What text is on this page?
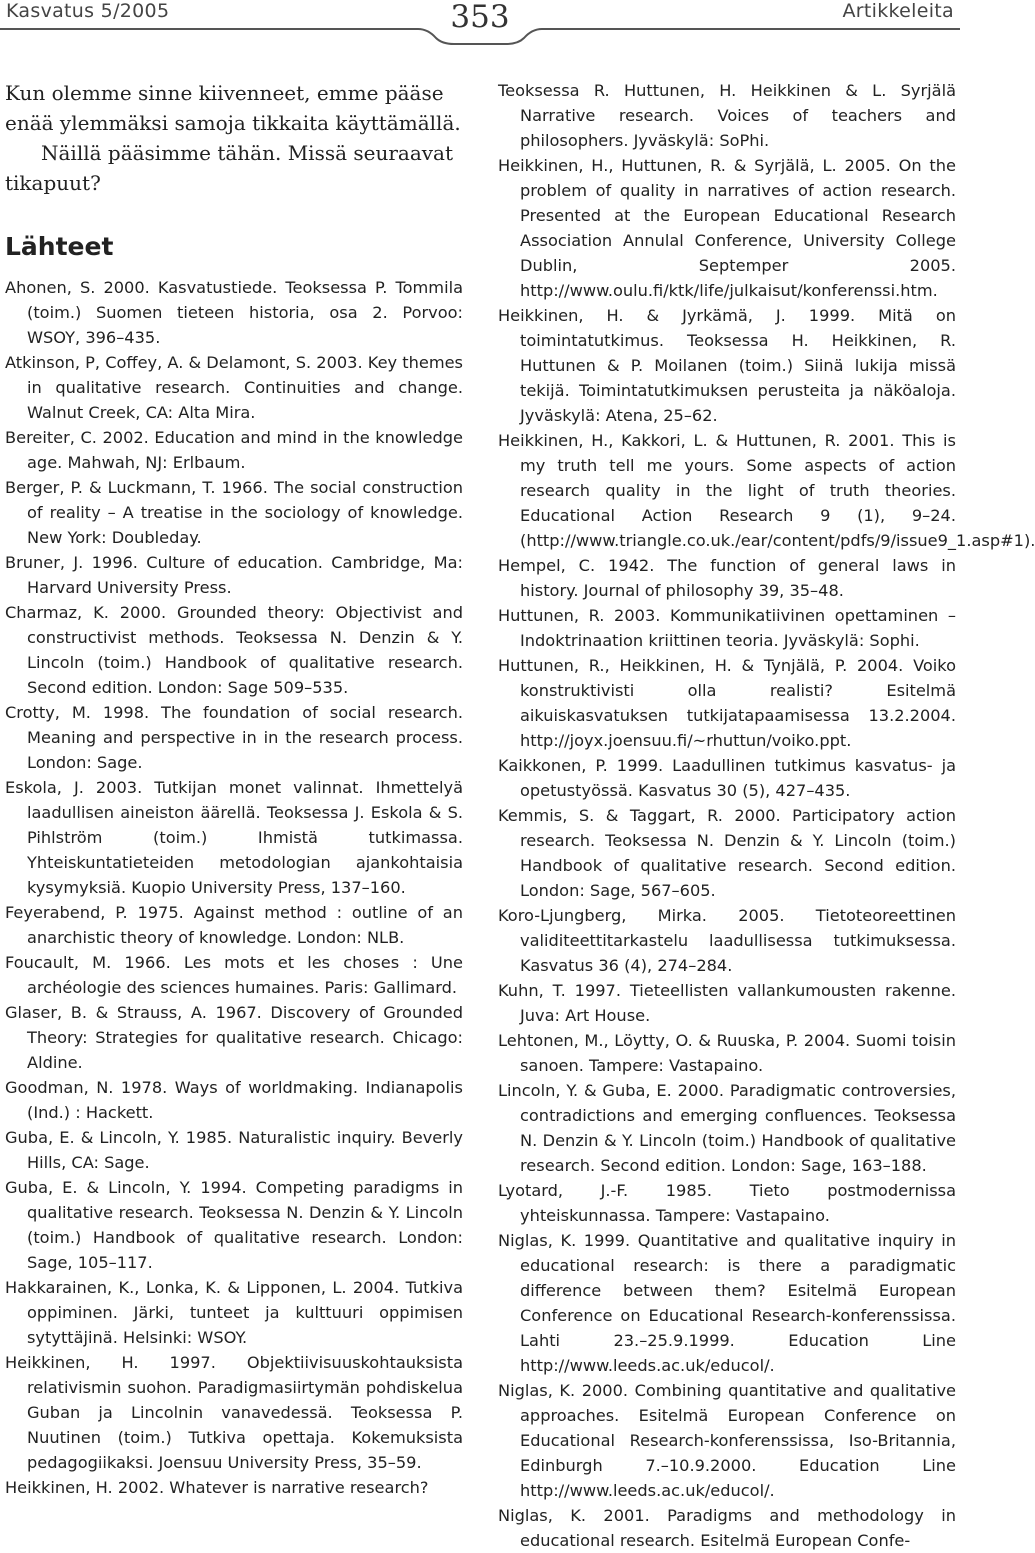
Kasvatus 5/2005	353	Artikkeleita
Kun olemme sinne kiivenneet, emme pääse
enää ylemmäksi samoja tikkaita käyttämällä.
Näillä pääsimme tähän. Missä seuraavat
tikapuut?
Lähteet
Ahonen, S. 2000. Kasvatustiede. Teoksessa P. Tommila (toim.) Suomen tieteen historia, osa 2. Porvoo: WSOY, 396–435.
Atkinson, P, Coffey, A. & Delamont, S. 2003. Key themes in qualitative research. Continuities and change. Walnut Creek, CA: Alta Mira.
Bereiter, C. 2002. Education and mind in the knowledge age. Mahwah, NJ: Erlbaum.
Berger, P. & Luckmann, T. 1966. The social construction of reality – A treatise in the sociology of knowledge. New York: Doubleday.
Bruner, J. 1996. Culture of education. Cambridge, Ma: Harvard University Press.
Charmaz, K. 2000. Grounded theory: Objectivist and constructivist methods. Teoksessa N. Denzin & Y. Lincoln (toim.) Handbook of qualitative research. Second edition. London: Sage 509–535.
Crotty, M. 1998. The foundation of social research. Meaning and perspective in in the research process. London: Sage.
Eskola, J. 2003. Tutkijan monet valinnat. Ihmettelyä laadullisen aineiston äärellä. Teoksessa J. Eskola & S. Pihlström (toim.) Ihmistä tutkimassa. Yhteiskuntatieteiden metodologian ajankohtaisia kysymyksiä. Kuopio University Press, 137–160.
Feyerabend, P. 1975. Against method : outline of an anarchistic theory of knowledge. London: NLB.
Foucault, M. 1966. Les mots et les choses : Une archéologie des sciences humaines. Paris: Gallimard.
Glaser, B. & Strauss, A. 1967. Discovery of Grounded Theory: Strategies for qualitative research. Chicago: Aldine.
Goodman, N. 1978. Ways of worldmaking. Indianapolis (Ind.) : Hackett.
Guba, E. & Lincoln, Y. 1985. Naturalistic inquiry. Beverly Hills, CA: Sage.
Guba, E. & Lincoln, Y. 1994. Competing paradigms in qualitative research. Teoksessa N. Denzin & Y. Lincoln (toim.) Handbook of qualitative research. London: Sage, 105–117.
Hakkarainen, K., Lonka, K. & Lipponen, L. 2004. Tutkiva oppiminen. Järki, tunteet ja kulttuuri oppimisen sytyttäjinä. Helsinki: WSOY.
Heikkinen, H. 1997. Objektiivisuuskohtauksista relativismin suohon. Paradigmasiirtymän pohdiskelua Guban ja Lincolnin vanavedessä. Teoksessa P. Nuutinen (toim.) Tutkiva opettaja. Kokemuksista pedagogiikaksi. Joensuu University Press, 35–59.
Heikkinen, H. 2002. Whatever is narrative research?
Teoksessa R. Huttunen, H. Heikkinen & L. Syrjälä Narrative research. Voices of teachers and philosophers. Jyväskylä: SoPhi.
Heikkinen, H., Huttunen, R. & Syrjälä, L. 2005. On the problem of quality in narratives of action research. Presented at the European Educational Research Association Annulal Conference, University College Dublin, Septemper 2005. http://www.oulu.fi/ktk/life/julkaisut/konferenssi.htm.
Heikkinen, H. & Jyrkämä, J. 1999. Mitä on toimintatutkimus. Teoksessa H. Heikkinen, R. Huttunen & P. Moilanen (toim.) Siinä lukija missä tekijä. Toimintatutkimuksen perusteita ja näköaloja. Jyväskylä: Atena, 25–62.
Heikkinen, H., Kakkori, L. & Huttunen, R. 2001. This is my truth tell me yours. Some aspects of action research quality in the light of truth theories. Educational Action Research 9 (1), 9–24. (http://www.triangle.co.uk./ear/content/pdfs/9/issue9_1.asp#1).
Hempel, C. 1942. The function of general laws in history. Journal of philosophy 39, 35–48.
Huttunen, R. 2003. Kommunikatiivinen opettaminen – Indoktrinaation kriittinen teoria. Jyväskylä: Sophi.
Huttunen, R., Heikkinen, H. & Tynjälä, P. 2004. Voiko konstruktivisti olla realisti? Esitelmä aikuiskasvatuksen tutkijatapaamisessa 13.2.2004. http://joyx.joensuu.fi/~rhuttun/voiko.ppt.
Kaikkonen, P. 1999. Laadullinen tutkimus kasvatus- ja opetustyössä. Kasvatus 30 (5), 427–435.
Kemmis, S. & Taggart, R. 2000. Participatory action research. Teoksessa N. Denzin & Y. Lincoln (toim.) Handbook of qualitative research. Second edition. London: Sage, 567–605.
Koro-Ljungberg, Mirka. 2005. Tietoteoreettinen validiteettitarkastelu laadullisessa tutkimuksessa. Kasvatus 36 (4), 274–284.
Kuhn, T. 1997. Tieteellisten vallankumousten rakenne. Juva: Art House.
Lehtonen, M., Löytty, O. & Ruuska, P. 2004. Suomi toisin sanoen. Tampere: Vastapaino.
Lincoln, Y. & Guba, E. 2000. Paradigmatic controversies, contradictions and emerging confluences. Teoksessa N. Denzin & Y. Lincoln (toim.) Handbook of qualitative research. Second edition. London: Sage, 163–188.
Lyotard, J.-F. 1985. Tieto postmodernissa yhteiskunnassa. Tampere: Vastapaino.
Niglas, K. 1999. Quantitative and qualitative inquiry in educational research: is there a paradigmatic difference between them? Esitelmä European Conference on Educational Research-konferenssissa. Lahti 23.–25.9.1999. Education Line http://www.leeds.ac.uk/educol/.
Niglas, K. 2000. Combining quantitative and qualitative approaches. Esitelmä European Conference on Educational Research-konferenssissa, Iso-Britannia, Edinburgh 7.–10.9.2000. Education Line http://www.leeds.ac.uk/educol/.
Niglas, K. 2001. Paradigms and methodology in educational research. Esitelmä European Confe-
